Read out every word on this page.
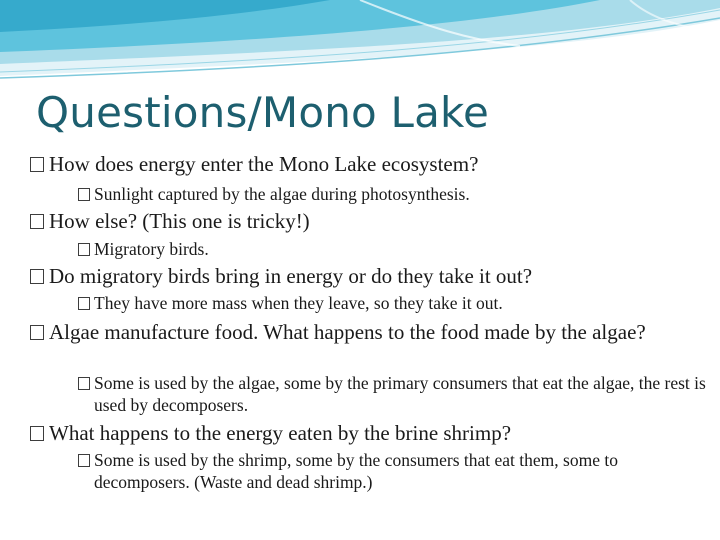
Questions/Mono Lake
How does energy enter the Mono Lake ecosystem?
Sunlight captured by the algae during photosynthesis.
How else? (This one is tricky!)
Migratory birds.
Do migratory birds bring in energy or do they take it out?
They have more mass when they leave, so they take it out.
Algae manufacture food. What happens to the food made by the algae?
Some is used by the algae, some by the primary consumers that eat the algae, the rest is used by decomposers.
What happens to the energy eaten by the brine shrimp?
Some is used by the shrimp, some by the consumers that eat them, some to decomposers. (Waste and dead shrimp.)
